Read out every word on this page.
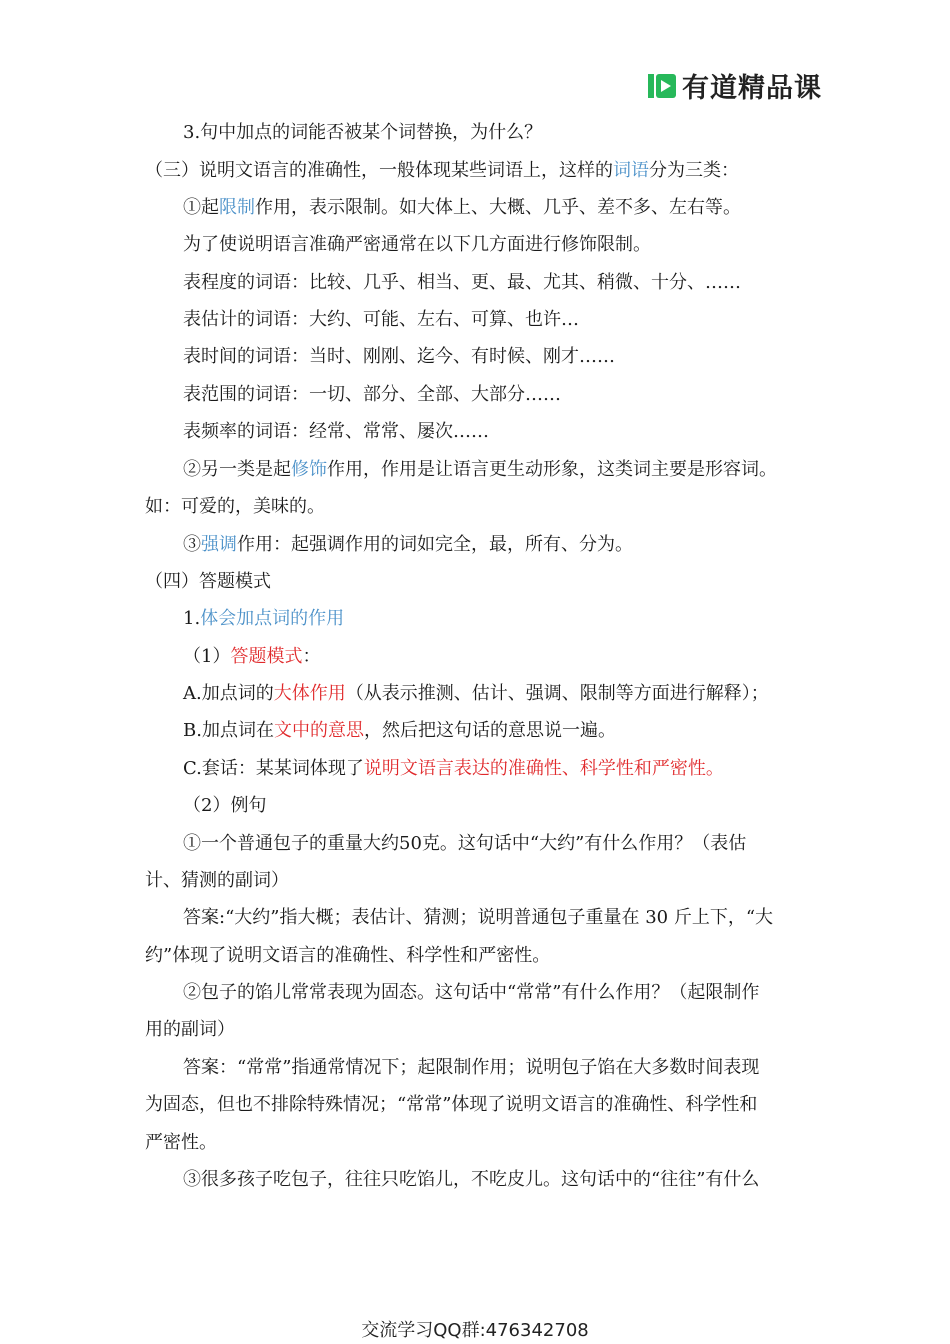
有道精品课
3.句中加点的词能否被某个词替换，为什么？
（三）说明文语言的准确性，一般体现某些词语上，这样的词语分为三类：
①起限制作用，表示限制。如大体上、大概、几乎、差不多、左右等。
为了使说明语言准确严密通常在以下几方面进行修饰限制。
表程度的词语：比较、几乎、相当、更、最、尤其、稍微、十分、……
表估计的词语：大约、可能、左右、可算、也许…
表时间的词语：当时、刚刚、迄今、有时候、刚才……
表范围的词语：一切、部分、全部、大部分……
表频率的词语：经常、常常、屡次……
②另一类是起修饰作用，作用是让语言更生动形象，这类词主要是形容词。
如：可爱的，美味的。
③强调作用：起强调作用的词如完全，最，所有、分为。
（四）答题模式
1.体会加点词的作用
（1）答题模式：
A.加点词的大体作用（从表示推测、估计、强调、限制等方面进行解释）；
B.加点词在文中的意思，然后把这句话的意思说一遍。
C.套话：某某词体现了说明文语言表达的准确性、科学性和严密性。
（2）例句
①一个普通包子的重量大约50克。这句话中“大约”有什么作用？（表估
计、猜测的副词）
答案:“大约”指大概；表估计、猜测；说明普通包子重量在 30 斤上下，“大
约”体现了说明文语言的准确性、科学性和严密性。
②包子的馅儿常常表现为固态。这句话中“常常”有什么作用？（起限制作
用的副词）
答案：“常常”指通常情况下；起限制作用；说明包子馅在大多数时间表现
为固态，但也不排除特殊情况；“常常”体现了说明文语言的准确性、科学性和
严密性。
③很多孩子吃包子，往往只吃馅儿，不吃皮儿。这句话中的“往往”有什么
交流学习QQ群:476342708
